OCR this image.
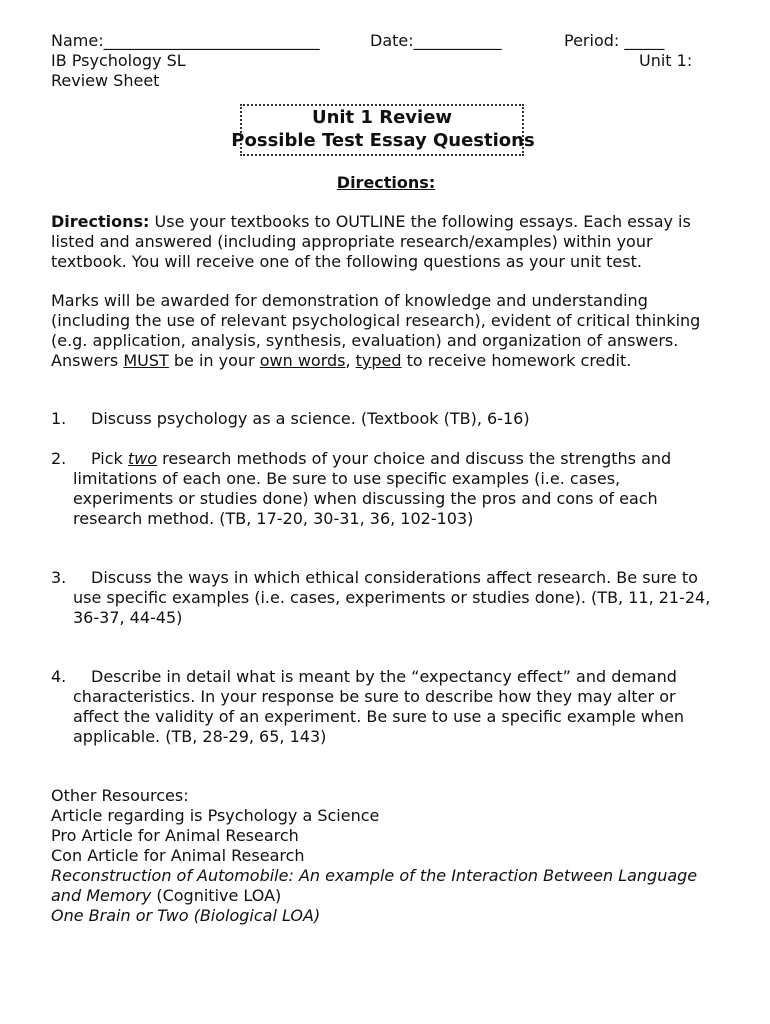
Name:___________________________	Date:___________	Period: _____
IB Psychology SL	Unit 1:
Review Sheet
Unit 1 Review
Possible Test Essay Questions
Directions:

Directions: Use your textbooks to OUTLINE the following essays. Each essay is listed and answered (including appropriate research/examples) within your textbook. You will receive one of the following questions as your unit test.

Marks will be awarded for demonstration of knowledge and understanding (including the use of relevant psychological research), evident of critical thinking (e.g. application, analysis, synthesis, evaluation) and organization of answers. Answers MUST be in your own words, typed to receive homework credit.

1. Discuss psychology as a science. (Textbook (TB), 6-16)
2. Pick two research methods of your choice and discuss the strengths and limitations of each one. Be sure to use specific examples (i.e. cases, experiments or studies done) when discussing the pros and cons of each research method. (TB, 17-20, 30-31, 36, 102-103)
3. Discuss the ways in which ethical considerations affect research. Be sure to use specific examples (i.e. cases, experiments or studies done). (TB, 11, 21-24, 36-37, 44-45)
4. Describe in detail what is meant by the “expectancy effect” and demand characteristics. In your response be sure to describe how they may alter or affect the validity of an experiment. Be sure to use a specific example when applicable. (TB, 28-29, 65, 143)
Other Resources:
Article regarding is Psychology a Science
Pro Article for Animal Research
Con Article for Animal Research
Reconstruction of Automobile: An example of the Interaction Between Language
and Memory (Cognitive LOA)
One Brain or Two (Biological LOA)
